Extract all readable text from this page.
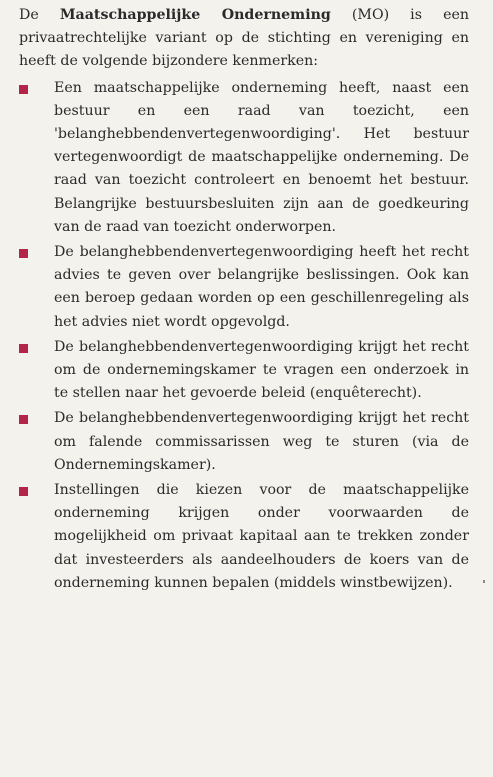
De Maatschappelijke Onderneming (MO) is een privaatrechtelijke variant op de stichting en vereniging en heeft de volgende bijzondere kenmerken:

Een maatschappelijke onderneming heeft, naast een bestuur en een raad van toezicht, een 'belanghebbendenvertegenwoordiging'. Het bestuur vertegenwoordigt de maatschappelijke onderneming. De raad van toezicht controleert en benoemt het bestuur. Belangrijke bestuursbesluiten zijn aan de goedkeuring van de raad van toezicht onderworpen.
De belanghebbendenvertegenwoordiging heeft het recht advies te geven over belangrijke beslissingen. Ook kan een beroep gedaan worden op een geschillenregeling als het advies niet wordt opgevolgd.
De belanghebbendenvertegenwoordiging krijgt het recht om de ondernemingskamer te vragen een onderzoek in te stellen naar het gevoerde beleid (enquêterecht).
De belanghebbendenvertegenwoordiging krijgt het recht om falende commissarissen weg te sturen (via de Ondernemingskamer).
Instellingen die kiezen voor de maatschappelijke onderneming krijgen onder voorwaarden de mogelijkheid om privaat kapitaal aan te trekken zonder dat investeerders als aandeelhouders de koers van de onderneming kunnen bepalen (middels winstbewijzen).
